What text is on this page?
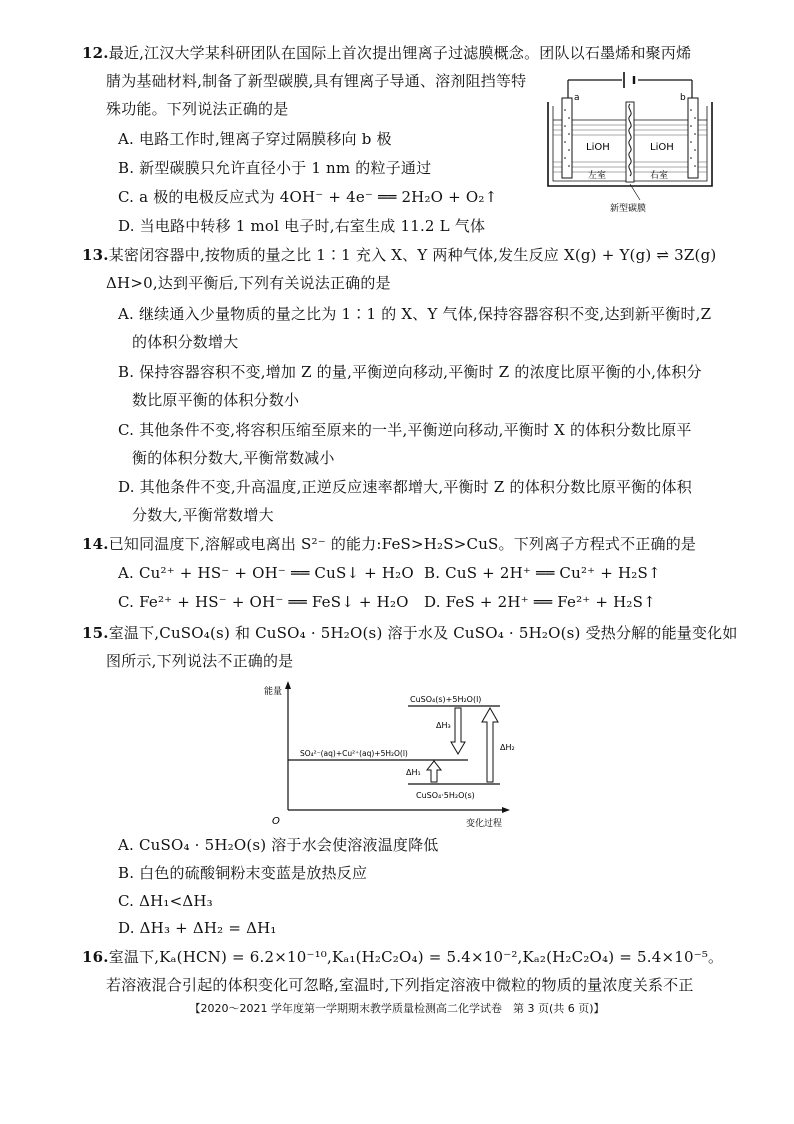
12.最近,江汉大学某科研团队在国际上首次提出锂离子过滤膜概念。团队以石墨烯和聚丙烯
腈为基础材料,制备了新型碳膜,具有锂离子导通、溶剂阻挡等特
殊功能。下列说法正确的是
A. 电路工作时,锂离子穿过隔膜移向 b 极
B. 新型碳膜只允许直径小于 1 nm 的粒子通过
C. a 极的电极反应式为 4OH⁻ + 4e⁻ ══ 2H₂O + O₂↑
D. 当电路中转移 1 mol 电子时,右室生成 11.2 L 气体
a	b
LiOH	LiOH
左室	右室
新型碳膜
13.某密闭容器中,按物质的量之比 1∶1 充入 X、Y 两种气体,发生反应 X(g) + Y(g) ⇌ 3Z(g)
ΔH>0,达到平衡后,下列有关说法正确的是
A. 继续通入少量物质的量之比为 1∶1 的 X、Y 气体,保持容器容积不变,达到新平衡时,Z
的体积分数增大
B. 保持容器容积不变,增加 Z 的量,平衡逆向移动,平衡时 Z 的浓度比原平衡的小,体积分
数比原平衡的体积分数小
C. 其他条件不变,将容积压缩至原来的一半,平衡逆向移动,平衡时 X 的体积分数比原平
衡的体积分数大,平衡常数减小
D. 其他条件不变,升高温度,正逆反应速率都增大,平衡时 Z 的体积分数比原平衡的体积
分数大,平衡常数增大
14.已知同温度下,溶解或电离出 S²⁻ 的能力:FeS>H₂S>CuS。下列离子方程式不正确的是
A. Cu²⁺ + HS⁻ + OH⁻ ══ CuS↓ + H₂O B. CuS + 2H⁺ ══ Cu²⁺ + H₂S↑
C. Fe²⁺ + HS⁻ + OH⁻ ══ FeS↓ + H₂O D. FeS + 2H⁺ ══ Fe²⁺ + H₂S↑
15.室温下,CuSO₄(s) 和 CuSO₄ · 5H₂O(s) 溶于水及 CuSO₄ · 5H₂O(s) 受热分解的能量变化如
图所示,下列说法不正确的是
能量
O	变化过程
CuSO₄(s)+5H₂O(l)
SO₄²⁻(aq)+Cu²⁺(aq)+5H₂O(l)
CuSO₄·5H₂O(s)
ΔH₃
ΔH₁
ΔH₂
A. CuSO₄ · 5H₂O(s) 溶于水会使溶液温度降低
B. 白色的硫酸铜粉末变蓝是放热反应
C. ΔH₁<ΔH₃
D. ΔH₃ + ΔH₂ = ΔH₁
16.室温下,Kₐ(HCN) = 6.2×10⁻¹⁰,Kₐ₁(H₂C₂O₄) = 5.4×10⁻²,Kₐ₂(H₂C₂O₄) = 5.4×10⁻⁵。
若溶液混合引起的体积变化可忽略,室温时,下列指定溶液中微粒的物质的量浓度关系不正
【2020～2021 学年度第一学期期末教学质量检测高二化学试卷　第 3 页(共 6 页)】
